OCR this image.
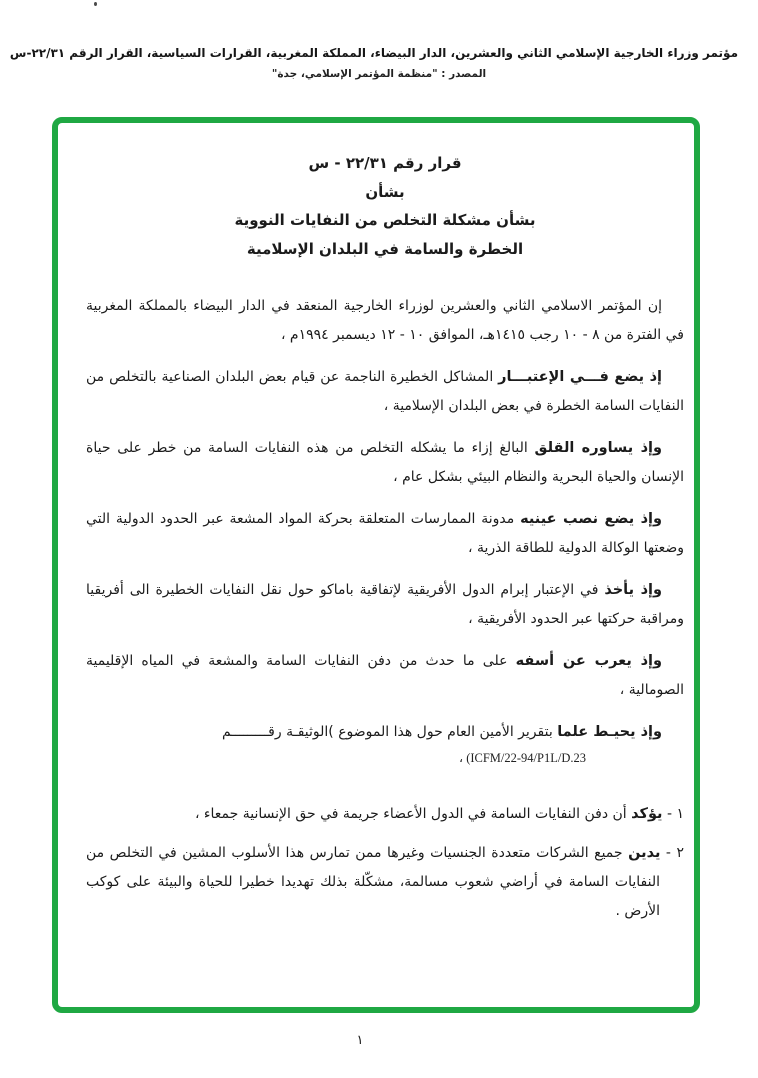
مؤتمر وزراء الخارجية الإسلامي الثاني والعشرين، الدار البيضاء، المملكة المغربية، القرارات السياسية، القرار الرقم ٢٢/٣١-س
المصدر : "منظمة المؤتمر الإسلامي، جدة"
قرار رقم ٢٢/٣١ - س
بشأن
بشأن مشكلة التخلص من النفايات النووية
الخطرة والسامة في البلدان الإسلامية

إن المؤتمر الاسلامي الثاني والعشرين لوزراء الخارجية المنعقد في الدار البيضاء بالمملكة المغربية في الفترة من ٨ - ١٠ رجب ١٤١٥هـ، الموافق ١٠ - ١٢ ديسمبر ١٩٩٤م ،

إذ يضع فـــي الإعتبـــار المشاكل الخطيرة الناجمة عن قيام بعض البلدان الصناعية بالتخلص من النفايات السامة الخطرة في بعض البلدان الإسلامية ،

وإذ يساوره القلق البالغ إزاء ما يشكله التخلص من هذه النفايات السامة من خطر على حياة الإنسان والحياة البحرية والنظام البيئي بشكل عام ،

وإذ يضع نصب عينيه مدونة الممارسات المتعلقة بحركة المواد المشعة عبر الحدود الدولية التي وضعتها الوكالة الدولية للطاقة الذرية ،

وإذ يأخذ في الإعتبار إبرام الدول الأفريقية لإتفاقية باماكو حول نقل النفايات الخطيرة الى أفريقيا ومراقبة حركتها عبر الحدود الأفريقية ،

وإذ يعرب عن أسفه على ما حدث من دفن النفايات السامة والمشعة في المياه الإقليمية الصومالية ،

وإذ يحيـط علما بتقرير الأمين العام حول هذا الموضوع )الوثيقـة رقـــــــــم

، (ICFM/22-94/P1L/D.23
١ - يؤكد أن دفن النفايات السامة في الدول الأعضاء جريمة في حق الإنسانية جمعاء ،
٢ - يدين جميع الشركات متعددة الجنسيات وغيرها ممن تمارس هذا الأسلوب المشين في التخلص من النفايات السامة في أراضي شعوب مسالمة، مشكّلة بذلك تهديدا خطيرا للحياة والبيئة على كوكب الأرض .
١
